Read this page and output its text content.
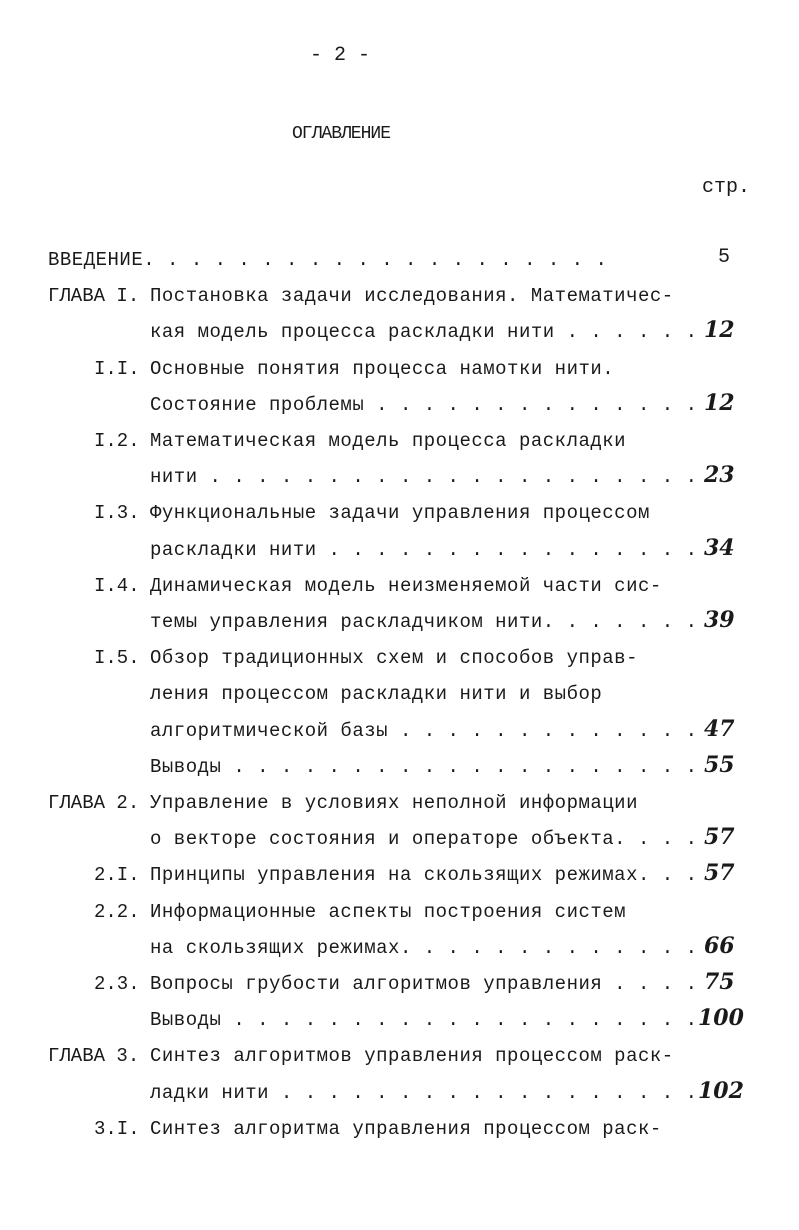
- 2 -
ОГЛАВЛЕНИЕ
стр.
ВВЕДЕНИЕ. . . . . . . . . . . . . . . . . . . .	5
ГЛАВА I. Постановка задачи исследования. Математичес-
кая модель процесса раскладки нити . . . . . . 12
I.I. Основные понятия процесса намотки нити.
Состояние проблемы . . . . . . . . . . . . . . 12
I.2. Математическая модель процесса раскладки
нити . . . . . . . . . . . . . . . . . . . . . 23
I.3. Функциональные задачи управления процессом
раскладки нити . . . . . . . . . . . . . . . . 34
I.4. Динамическая модель неизменяемой части сис-
темы управления раскладчиком нити. . . . . . . 39
I.5. Обзор традиционных схем и способов управ-
ления процессом раскладки нити и выбор
алгоритмической базы . . . . . . . . . . . . . 47
Выводы . . . . . . . . . . . . . . . . . . . . 55
ГЛАВА 2. Управление в условиях неполной информации
о векторе состояния и операторе объекта. . . . 57
2.I. Принципы управления на скользящих режимах. . . 57
2.2. Информационные аспекты построения систем
на скользящих режимах. . . . . . . . . . . . . 66
2.3. Вопросы грубости алгоритмов управления . . . . 75
Выводы . . . . . . . . . . . . . . . . . . . . 100
ГЛАВА 3. Синтез алгоритмов управления процессом раск-
ладки нити . . . . . . . . . . . . . . . . . . 102
3.I. Синтез алгоритма управления процессом раск-
